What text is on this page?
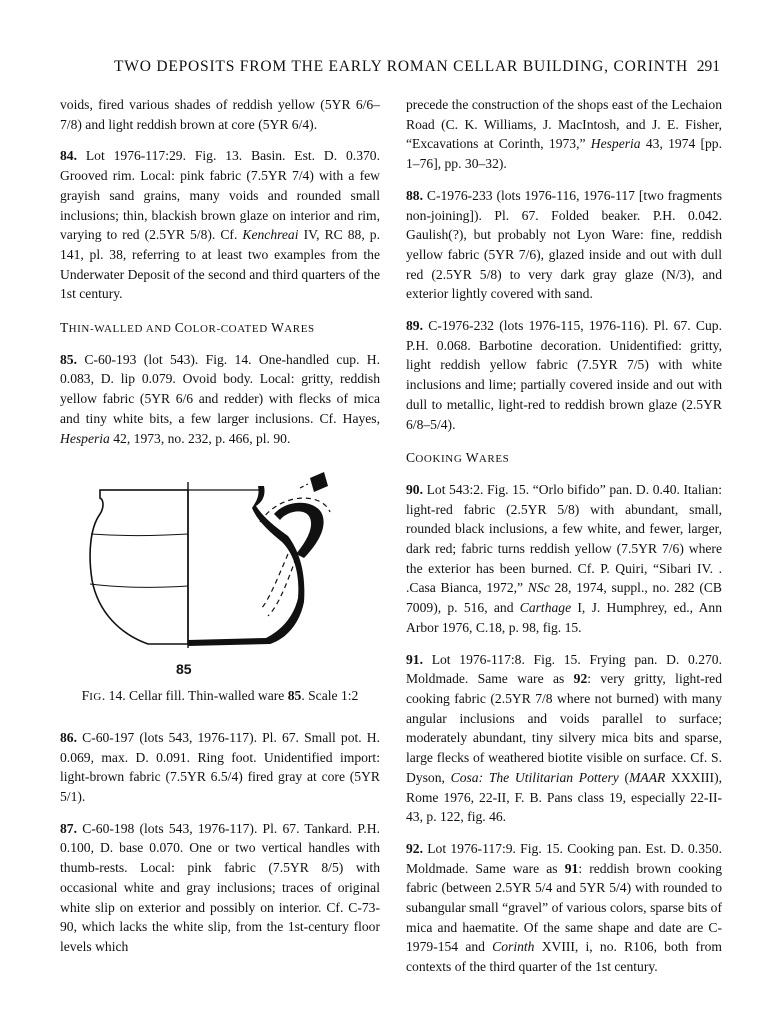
TWO DEPOSITS FROM THE EARLY ROMAN CELLAR BUILDING, CORINTH 291

voids, fired various shades of reddish yellow (5YR 6/6–7/8) and light reddish brown at core (5YR 6/4).

84. Lot 1976-117:29. Fig. 13. Basin. Est. D. 0.370. Grooved rim. Local: pink fabric (7.5YR 7/4) with a few grayish sand grains, many voids and rounded small inclusions; thin, blackish brown glaze on interior and rim, varying to red (2.5YR 5/8). Cf. Kenchreai IV, RC 88, p. 141, pl. 38, referring to at least two examples from the Underwater Deposit of the second and third quarters of the 1st century.

THIN-WALLED AND COLOR-COATED WARES

85. C-60-193 (lot 543). Fig. 14. One-handled cup. H. 0.083, D. lip 0.079. Ovoid body. Local: gritty, reddish yellow fabric (5YR 6/6 and redder) with flecks of mica and tiny white bits, a few larger inclusions. Cf. Hayes, Hesperia 42, 1973, no. 232, p. 466, pl. 90.

85
FIG. 14. Cellar fill. Thin-walled ware 85. Scale 1:2

86. C-60-197 (lots 543, 1976-117). Pl. 67. Small pot. H. 0.069, max. D. 0.091. Ring foot. Unidentified import: light-brown fabric (7.5YR 6.5/4) fired gray at core (5YR 5/1).

87. C-60-198 (lots 543, 1976-117). Pl. 67. Tankard. P.H. 0.100, D. base 0.070. One or two vertical handles with thumb-rests. Local: pink fabric (7.5YR 8/5) with occasional white and gray inclusions; traces of original white slip on exterior and possibly on interior. Cf. C-73-90, which lacks the white slip, from the 1st-century floor levels which

precede the construction of the shops east of the Lechaion Road (C. K. Williams, J. MacIntosh, and J. E. Fisher, “Excavations at Corinth, 1973,” Hesperia 43, 1974 [pp. 1–76], pp. 30–32).

88. C-1976-233 (lots 1976-116, 1976-117 [two fragments non-joining]). Pl. 67. Folded beaker. P.H. 0.042. Gaulish(?), but probably not Lyon Ware: fine, reddish yellow fabric (5YR 7/6), glazed inside and out with dull red (2.5YR 5/8) to very dark gray glaze (N/3), and exterior lightly covered with sand.

89. C-1976-232 (lots 1976-115, 1976-116). Pl. 67. Cup. P.H. 0.068. Barbotine decoration. Unidentified: gritty, light reddish yellow fabric (7.5YR 7/5) with white inclusions and lime; partially covered inside and out with dull to metallic, light-red to reddish brown glaze (2.5YR 6/8–5/4).

COOKING WARES

90. Lot 543:2. Fig. 15. “Orlo bifido” pan. D. 0.40. Italian: light-red fabric (2.5YR 5/8) with abundant, small, rounded black inclusions, a few white, and fewer, larger, dark red; fabric turns reddish yellow (7.5YR 7/6) where the exterior has been burned. Cf. P. Quiri, “Sibari IV. . .Casa Bianca, 1972,” NSc 28, 1974, suppl., no. 282 (CB 7009), p. 516, and Carthage I, J. Humphrey, ed., Ann Arbor 1976, C.18, p. 98, fig. 15.

91. Lot 1976-117:8. Fig. 15. Frying pan. D. 0.270. Moldmade. Same ware as 92: very gritty, light-red cooking fabric (2.5YR 7/8 where not burned) with many angular inclusions and voids parallel to surface; moderately abundant, tiny silvery mica bits and sparse, large flecks of weathered biotite visible on surface. Cf. S. Dyson, Cosa: The Utilitarian Pottery (MAAR XXXIII), Rome 1976, 22-II, F. B. Pans class 19, especially 22-II-43, p. 122, fig. 46.

92. Lot 1976-117:9. Fig. 15. Cooking pan. Est. D. 0.350. Moldmade. Same ware as 91: reddish brown cooking fabric (between 2.5YR 5/4 and 5YR 5/4) with rounded to subangular small “gravel” of various colors, sparse bits of mica and haematite. Of the same shape and date are C-1979-154 and Corinth XVIII, i, no. R106, both from contexts of the third quarter of the 1st century.
